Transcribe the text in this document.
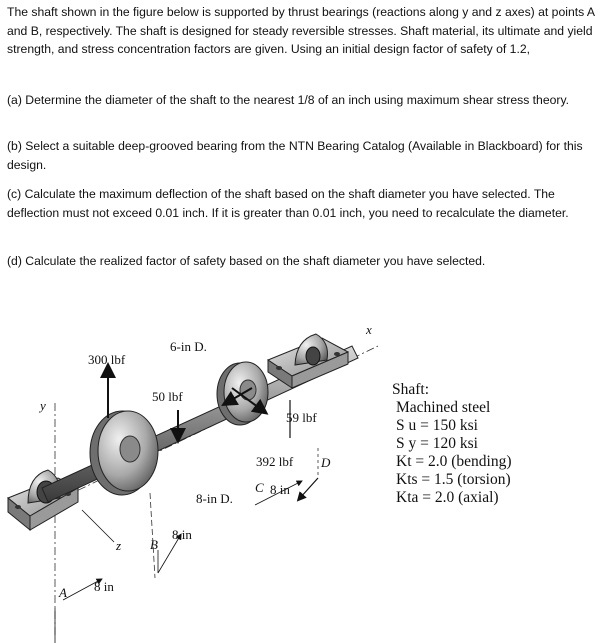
The shaft shown in the figure below is supported by thrust bearings (reactions along y and z axes) at points A and B, respectively. The shaft is designed for steady reversible stresses. Shaft material, its ultimate and yield strength, and stress concentration factors are given. Using an initial design factor of safety of 1.2,

(a) Determine the diameter of the shaft to the nearest 1/8 of an inch using maximum shear stress theory.

(b) Select a suitable deep-grooved bearing from the NTN Bearing Catalog (Available in Blackboard) for this design.

(c) Calculate the maximum deflection of the shaft based on the shaft diameter you have selected. The deflection must not exceed 0.01 inch. If it is greater than 0.01 inch, you need to recalculate the diameter.

(d) Calculate the realized factor of safety based on the shaft diameter you have selected.

x
y
z
A
B
D
6-in D.
8-in D.
300 lbf
50 lbf
59 lbf
392 lbf
C 8 in
8 in
8 in
Shaft:
Machined steel
S u = 150 ksi
S y = 120 ksi
Kt = 2.0 (bending)
Kts = 1.5 (torsion)
Kta = 2.0 (axial)
